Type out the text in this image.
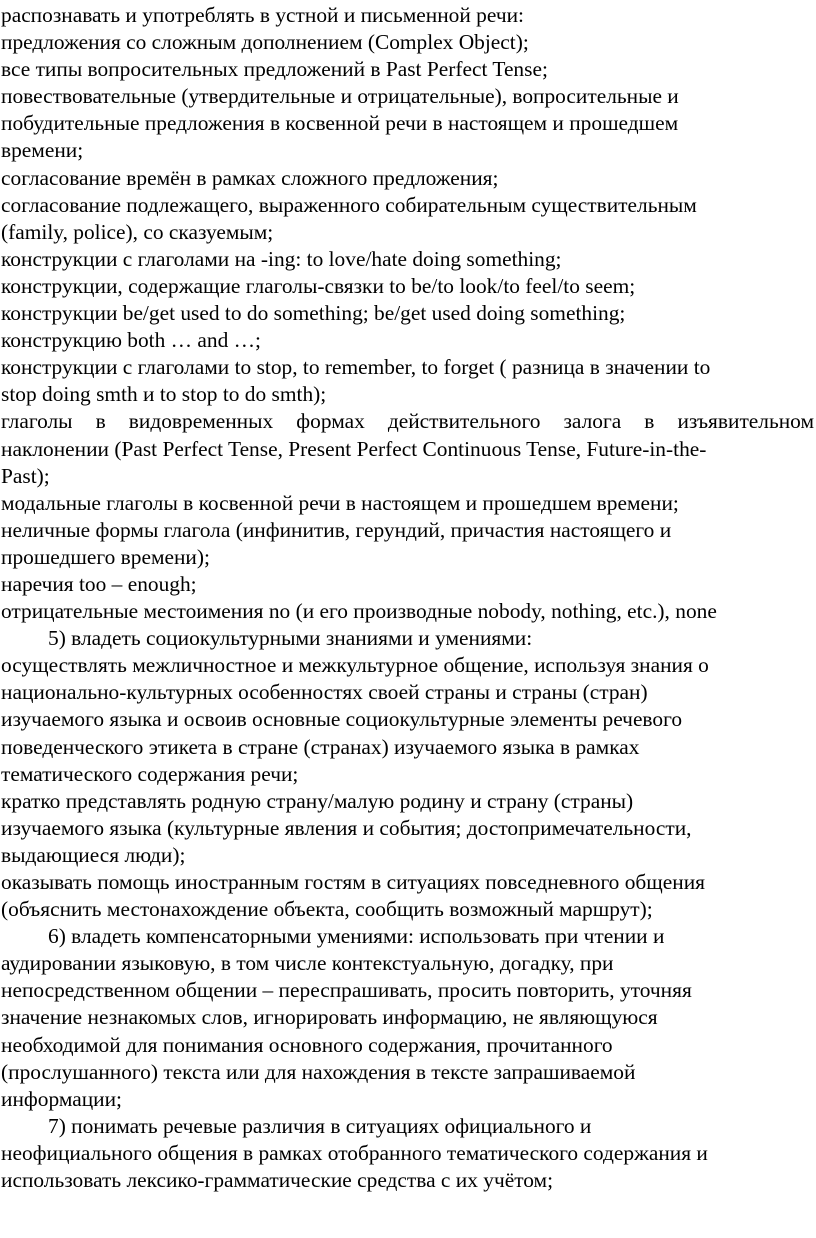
распознавать и употреблять в устной и письменной речи:
предложения со сложным дополнением (Complex Object);
все типы вопросительных предложений в Past Perfect Tense;
повествовательные (утвердительные и отрицательные), вопросительные и
побудительные предложения в косвенной речи в настоящем и прошедшем
времени;
согласование времён в рамках сложного предложения;
согласование подлежащего, выраженного собирательным существительным
(family, police), со сказуемым;
конструкции с глаголами на -ing: to love/hate doing something;
конструкции, содержащие глаголы-связки to be/to look/to feel/to seem;
конструкции be/get used to do something; be/get used doing something;
конструкцию both … and …;
конструкции с глаголами to stop, to remember, to forget ( разница в значении to
stop doing smth и to stop to do smth);
глаголы в видовременных формах действительного залога в изъявительном
наклонении (Past Perfect Tense, Present Perfect Continuous Tense, Future-in-the-
Past);
модальные глаголы в косвенной речи в настоящем и прошедшем времени;
неличные формы глагола (инфинитив, герундий, причастия настоящего и
прошедшего времени);
наречия too – enough;
отрицательные местоимения no (и его производные nobody, nothing, etc.), none
5) владеть социокультурными знаниями и умениями:
осуществлять межличностное и межкультурное общение, используя знания о
национально-культурных особенностях своей страны и страны (стран)
изучаемого языка и освоив основные социокультурные элементы речевого
поведенческого этикета в стране (странах) изучаемого языка в рамках
тематического содержания речи;
кратко представлять родную страну/малую родину и страну (страны)
изучаемого языка (культурные явления и события; достопримечательности,
выдающиеся люди);
оказывать помощь иностранным гостям в ситуациях повседневного общения
(объяснить местонахождение объекта, сообщить возможный маршрут);
6) владеть компенсаторными умениями: использовать при чтении и
аудировании языковую, в том числе контекстуальную, догадку, при
непосредственном общении – переспрашивать, просить повторить, уточняя
значение незнакомых слов, игнорировать информацию, не являющуюся
необходимой для понимания основного содержания, прочитанного
(прослушанного) текста или для нахождения в тексте запрашиваемой
информации;
7) понимать речевые различия в ситуациях официального и
неофициального общения в рамках отобранного тематического содержания и
использовать лексико-грамматические средства с их учётом;
